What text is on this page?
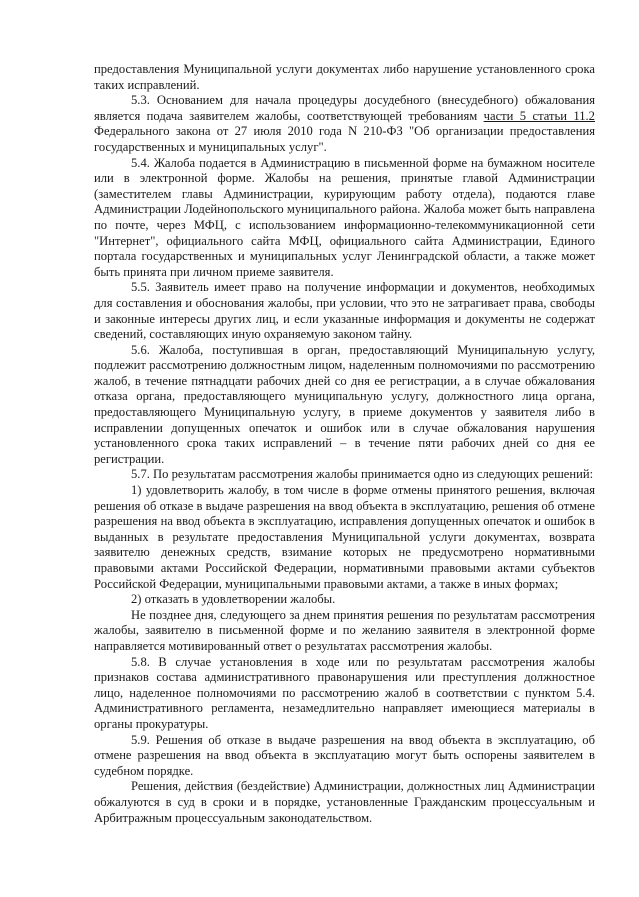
предоставления Муниципальной услуги документах либо нарушение установленного срока таких исправлений.

5.3. Основанием для начала процедуры досудебного (внесудебного) обжалования является подача заявителем жалобы, соответствующей требованиям части 5 статьи 11.2 Федерального закона от 27 июля 2010 года N 210-ФЗ "Об организации предоставления государственных и муниципальных услуг".

5.4. Жалоба подается в Администрацию в письменной форме на бумажном носителе или в электронной форме. Жалобы на решения, принятые главой Администрации (заместителем главы Администрации, курирующим работу отдела), подаются главе Администрации Лодейнопольского муниципального района. Жалоба может быть направлена по почте, через МФЦ, с использованием информационно-телекоммуникационной сети "Интернет", официального сайта МФЦ, официального сайта Администрации, Единого портала государственных и муниципальных услуг Ленинградской области, а также может быть принята при личном приеме заявителя.

5.5. Заявитель имеет право на получение информации и документов, необходимых для составления и обоснования жалобы, при условии, что это не затрагивает права, свободы и законные интересы других лиц, и если указанные информация и документы не содержат сведений, составляющих иную охраняемую законом тайну.

5.6. Жалоба, поступившая в орган, предоставляющий Муниципальную услугу, подлежит рассмотрению должностным лицом, наделенным полномочиями по рассмотрению жалоб, в течение пятнадцати рабочих дней со дня ее регистрации, а в случае обжалования отказа органа, предоставляющего муниципальную услугу, должностного лица органа, предоставляющего Муниципальную услугу, в приеме документов у заявителя либо в исправлении допущенных опечаток и ошибок или в случае обжалования нарушения установленного срока таких исправлений – в течение пяти рабочих дней со дня ее регистрации.

5.7. По результатам рассмотрения жалобы принимается одно из следующих решений:

1) удовлетворить жалобу, в том числе в форме отмены принятого решения, включая решения об отказе в выдаче разрешения на ввод объекта в эксплуатацию, решения об отмене разрешения на ввод объекта в эксплуатацию, исправления допущенных опечаток и ошибок в выданных в результате предоставления Муниципальной услуги документах, возврата заявителю денежных средств, взимание которых не предусмотрено нормативными правовыми актами Российской Федерации, нормативными правовыми актами субъектов Российской Федерации, муниципальными правовыми актами, а также в иных формах;

2) отказать в удовлетворении жалобы.

Не позднее дня, следующего за днем принятия решения по результатам рассмотрения жалобы, заявителю в письменной форме и по желанию заявителя в электронной форме направляется мотивированный ответ о результатах рассмотрения жалобы.

5.8. В случае установления в ходе или по результатам рассмотрения жалобы признаков состава административного правонарушения или преступления должностное лицо, наделенное полномочиями по рассмотрению жалоб в соответствии с пунктом 5.4. Административного регламента, незамедлительно направляет имеющиеся материалы в органы прокуратуры.

5.9. Решения об отказе в выдаче разрешения на ввод объекта в эксплуатацию, об отмене разрешения на ввод объекта в эксплуатацию могут быть оспорены заявителем в судебном порядке.

Решения, действия (бездействие) Администрации, должностных лиц Администрации обжалуются в суд в сроки и в порядке, установленные Гражданским процессуальным и Арбитражным процессуальным законодательством.
